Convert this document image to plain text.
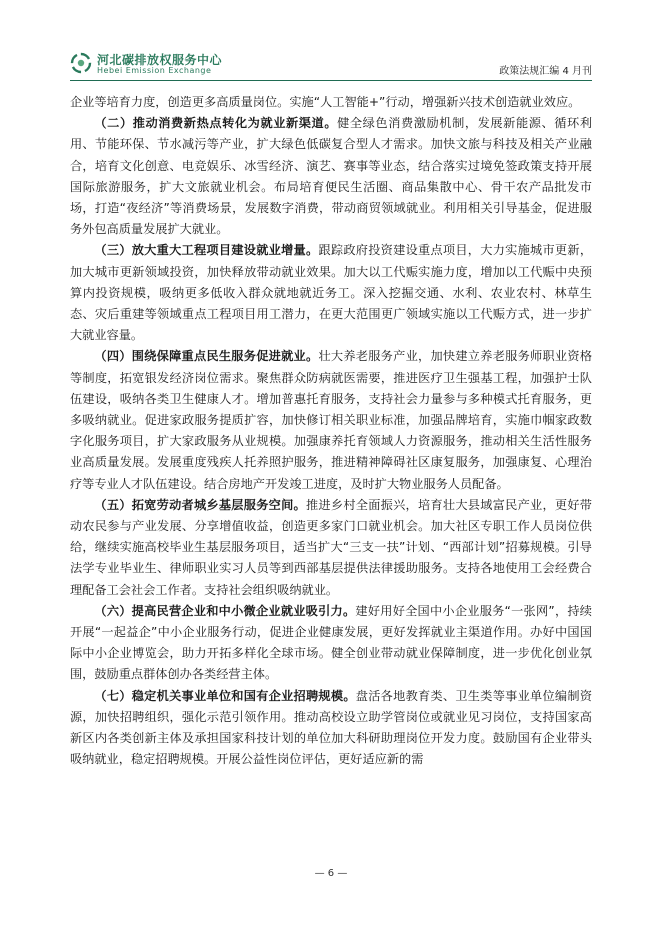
河北碳排放权服务中心
Hebei Emission Exchange	政策法规汇编 4 月刊

企业等培育力度，创造更多高质量岗位。实施“人工智能+”行动，增强新兴技术创造就业效应。

（二）推动消费新热点转化为就业新渠道。健全绿色消费激励机制，发展新能源、循环利用、节能环保、节水减污等产业，扩大绿色低碳复合型人才需求。加快文旅与科技及相关产业融合，培育文化创意、电竞娱乐、冰雪经济、演艺、赛事等业态，结合落实过境免签政策支持开展国际旅游服务，扩大文旅就业机会。布局培育便民生活圈、商品集散中心、骨干农产品批发市场，打造“夜经济”等消费场景，发展数字消费，带动商贸领域就业。利用相关引导基金，促进服务外包高质量发展扩大就业。

（三）放大重大工程项目建设就业增量。跟踪政府投资建设重点项目，大力实施城市更新，加大城市更新领域投资，加快释放带动就业效果。加大以工代赈实施力度，增加以工代赈中央预算内投资规模，吸纳更多低收入群众就地就近务工。深入挖掘交通、水利、农业农村、林草生态、灾后重建等领域重点工程项目用工潜力，在更大范围更广领域实施以工代赈方式，进一步扩大就业容量。

（四）围绕保障重点民生服务促进就业。壮大养老服务产业，加快建立养老服务师职业资格等制度，拓宽银发经济岗位需求。聚焦群众防病就医需要，推进医疗卫生强基工程，加强护士队伍建设，吸纳各类卫生健康人才。增加普惠托育服务，支持社会力量参与多种模式托育服务，更多吸纳就业。促进家政服务提质扩容，加快修订相关职业标准，加强品牌培育，实施巾帼家政数字化服务项目，扩大家政服务从业规模。加强康养托育领域人力资源服务，推动相关生活性服务业高质量发展。发展重度残疾人托养照护服务，推进精神障碍社区康复服务，加强康复、心理治疗等专业人才队伍建设。结合房地产开发竣工进度，及时扩大物业服务人员配备。

（五）拓宽劳动者城乡基层服务空间。推进乡村全面振兴，培育壮大县域富民产业，更好带动农民参与产业发展、分享增值收益，创造更多家门口就业机会。加大社区专职工作人员岗位供给，继续实施高校毕业生基层服务项目，适当扩大“三支一扶”计划、“西部计划”招募规模。引导法学专业毕业生、律师职业实习人员等到西部基层提供法律援助服务。支持各地使用工会经费合理配备工会社会工作者。支持社会组织吸纳就业。

（六）提高民营企业和中小微企业就业吸引力。建好用好全国中小企业服务“一张网”，持续开展“一起益企”中小企业服务行动，促进企业健康发展，更好发挥就业主渠道作用。办好中国国际中小企业博览会，助力开拓多样化全球市场。健全创业带动就业保障制度，进一步优化创业氛围，鼓励重点群体创办各类经营主体。

（七）稳定机关事业单位和国有企业招聘规模。盘活各地教育类、卫生类等事业单位编制资源，加快招聘组织，强化示范引领作用。推动高校设立助学管岗位或就业见习岗位，支持国家高新区内各类创新主体及承担国家科技计划的单位加大科研助理岗位开发力度。鼓励国有企业带头吸纳就业，稳定招聘规模。开展公益性岗位评估，更好适应新的需

— 6 —
